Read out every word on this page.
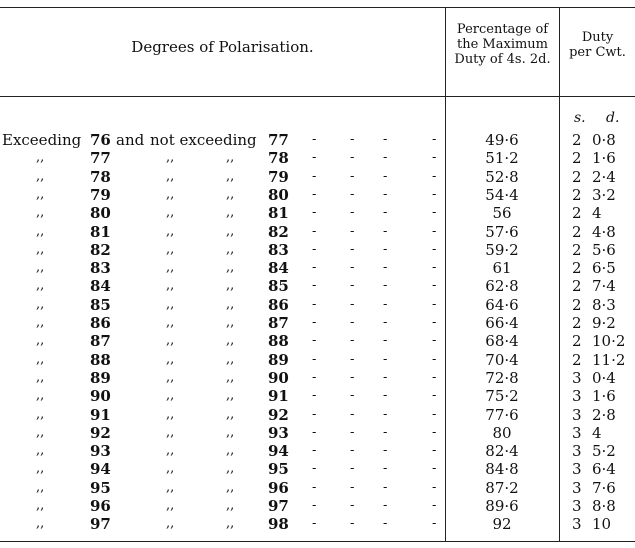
Degrees of Polarisation.
Percentage of
the Maximum
Duty of 4s. 2d.
Duty
per Cwt.
s. d.
Exceeding 76 and not exceeding 77 -	- -	-	49·6	2 0·8
,,	77	,,	,, 78 -	- -	-	51·2	2 1·6
,,	78	,,	,, 79 -	- -	-	52·8	2 2·4
,,	79	,,	,, 80 -	- -	-	54·4	2 3·2
,,	80	,,	,, 81 -	- -	-	56	2 4
,,	81	,,	,, 82 -	- -	-	57·6	2 4·8
,,	82	,,	,, 83 -	- -	-	59·2	2 5·6
,,	83	,,	,, 84 -	- -	-	61	2 6·5
,,	84	,,	,, 85 -	- -	-	62·8	2 7·4
,,	85	,,	,, 86 -	- -	-	64·6	2 8·3
,,	86	,,	,, 87 -	- -	-	66·4	2 9·2
,,	87	,,	,, 88 -	- -	-	68·4	2 10·2
,,	88	,,	,, 89 -	- -	-	70·4	2 11·2
,,	89	,,	,, 90 -	- -	-	72·8	3 0·4
,,	90	,,	,, 91 -	- -	-	75·2	3 1·6
,,	91	,,	,, 92 -	- -	-	77·6	3 2·8
,,	92	,,	,, 93 -	- -	-	80	3 4
,,	93	,,	,, 94 -	- -	-	82·4	3 5·2
,,	94	,,	,, 95 -	- -	-	84·8	3 6·4
,,	95	,,	,, 96 -	- -	-	87·2	3 7·6
,,	96	,,	,, 97 -	- -	-	89·6	3 8·8
,,	97	,,	,, 98 -	- -	-	92	3 10
